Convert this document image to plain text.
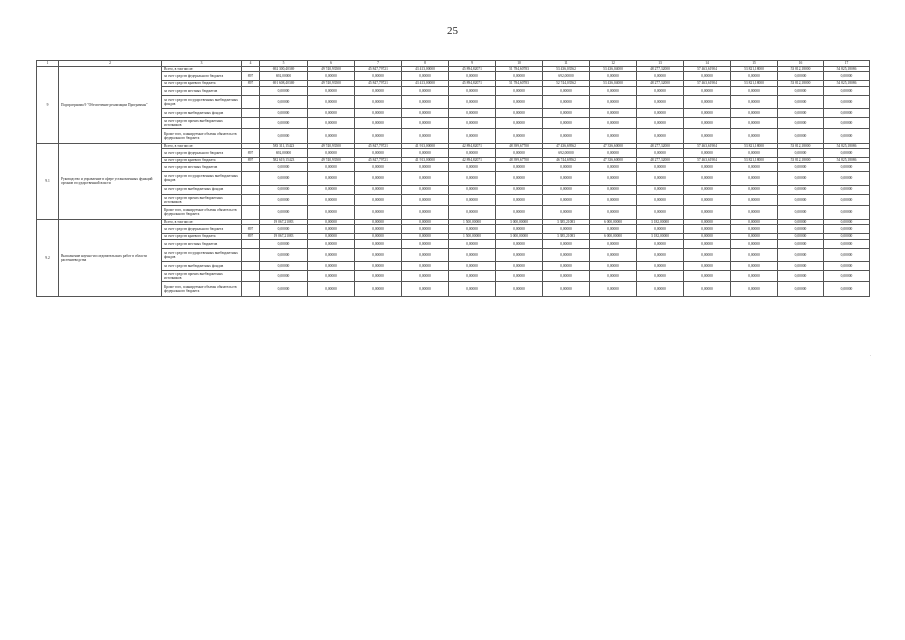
25
1	2	3	4	5	6	7	8	9	10	11	12	13	14	15	16	17
9	Подпрограмма 9 "Обеспечение реализации Программы"	Всего, в том числе:		692 300,40369	49 740,93500	45 847,79721	43 413,00000	45 894,82071	51 784,60783	53 436,03562	53 436,04000	48 277,32000	57 463,61904	53 821,18000	53 812,18000	54 825,18086
		за счет средств федерального бюджета	897	692,00000	0,00000	0,00000	0,00000	0,00000	0,00000	692,00000	0,00000	0,00000	0,00000	0,00000	0,00000	0,00000
		за счет средств краевого бюджета	897	691 608,40369	49 740,93500	45 847,79721	43 413,00000	45 894,82071	51 784,60783	52 744,03562	53 436,04000	48 277,32000	57 463,61904	53 821,18000	53 812,18000	54 825,18086
		за счет средств местных бюджетов		0,00000	0,00000	0,00000	0,00000	0,00000	0,00000	0,00000	0,00000	0,00000	0,00000	0,00000	0,00000	0,00000
		за счет средств государственных внебюджетных фондов		0,00000	0,00000	0,00000	0,00000	0,00000	0,00000	0,00000	0,00000	0,00000	0,00000	0,00000	0,00000	0,00000
		за счет средств внебюджетных фондов		0,00000	0,00000	0,00000	0,00000	0,00000	0,00000	0,00000	0,00000	0,00000	0,00000	0,00000	0,00000	0,00000
		за счет средств прочих внебюджетных источников		0,00000	0,00000	0,00000	0,00000	0,00000	0,00000	0,00000	0,00000	0,00000	0,00000	0,00000	0,00000	0,00000
		Кроме того, планируемые объемы обязательств федерального бюджета		0,00000	0,00000	0,00000	0,00000	0,00000	0,00000	0,00000	0,00000	0,00000	0,00000	0,00000	0,00000	0,00000
9.1	Руководство и управление в сфере установленных функций органов государственной власти	Всего, в том числе:		583 311,15423	49 740,93500	45 847,79721	41 913,00000	42 894,82071	48 399,67700	47 436,69562	47 336,60000	48 277,32000	57 463,61904	53 821,18000	53 812,18000	54 825,18086
		за счет средств федерального бюджета	897	692,00000	0,00000	0,00000	0,00000	0,00000	0,00000	692,00000	0,00000	0,00000	0,00000	0,00000	0,00000	0,00000
		за счет средств краевого бюджета	897	582 619,15423	49 740,93500	45 847,79721	41 913,00000	42 894,82071	48 399,67700	46 744,69562	47 336,60000	48 277,32000	57 463,61904	53 821,18000	53 812,18000	54 825,18086
		за счет средств местных бюджетов		0,00000	0,00000	0,00000	0,00000	0,00000	0,00000	0,00000	0,00000	0,00000	0,00000	0,00000	0,00000	0,00000
		за счет средств государственных внебюджетных фондов		0,00000	0,00000	0,00000	0,00000	0,00000	0,00000	0,00000	0,00000	0,00000	0,00000	0,00000	0,00000	0,00000
		за счет средств внебюджетных фондов		0,00000	0,00000	0,00000	0,00000	0,00000	0,00000	0,00000	0,00000	0,00000	0,00000	0,00000	0,00000	0,00000
		за счет средств прочих внебюджетных источников		0,00000	0,00000	0,00000	0,00000	0,00000	0,00000	0,00000	0,00000	0,00000	0,00000	0,00000	0,00000	0,00000
		Кроме того, планируемые объемы обязательств федерального бюджета		0,00000	0,00000	0,00000	0,00000	0,00000	0,00000	0,00000	0,00000	0,00000	0,00000	0,00000	0,00000	0,00000
9.2	Выполнение научно-исследовательских работ в области растениеводства	Всего, в том числе:		19 067,21083	0,00000	0,00000	0,00000	1 500,00000	3 000,00000	3 385,21083	6 000,00000	3 182,00000	0,00000	0,00000	0,00000	0,00000
		за счет средств федерального бюджета	897	0,00000	0,00000	0,00000	0,00000	0,00000	0,00000	0,00000	0,00000	0,00000	0,00000	0,00000	0,00000	0,00000
		за счет средств краевого бюджета	897	19 067,21083	0,00000	0,00000	0,00000	1 500,00000	3 000,00000	3 385,21083	6 000,00000	3 182,00000	0,00000	0,00000	0,00000	0,00000
		за счет средств местных бюджетов		0,00000	0,00000	0,00000	0,00000	0,00000	0,00000	0,00000	0,00000	0,00000	0,00000	0,00000	0,00000	0,00000
		за счет средств государственных внебюджетных фондов		0,00000	0,00000	0,00000	0,00000	0,00000	0,00000	0,00000	0,00000	0,00000	0,00000	0,00000	0,00000	0,00000
		за счет средств внебюджетных фондов		0,00000	0,00000	0,00000	0,00000	0,00000	0,00000	0,00000	0,00000	0,00000	0,00000	0,00000	0,00000	0,00000
		за счет средств прочих внебюджетных источников		0,00000	0,00000	0,00000	0,00000	0,00000	0,00000	0,00000	0,00000	0,00000	0,00000	0,00000	0,00000	0,00000
		Кроме того, планируемые объемы обязательств федерального бюджета		0,00000	0,00000	0,00000	0,00000	0,00000	0,00000	0,00000	0,00000	0,00000	0,00000	0,00000	0,00000	0,00000
.
